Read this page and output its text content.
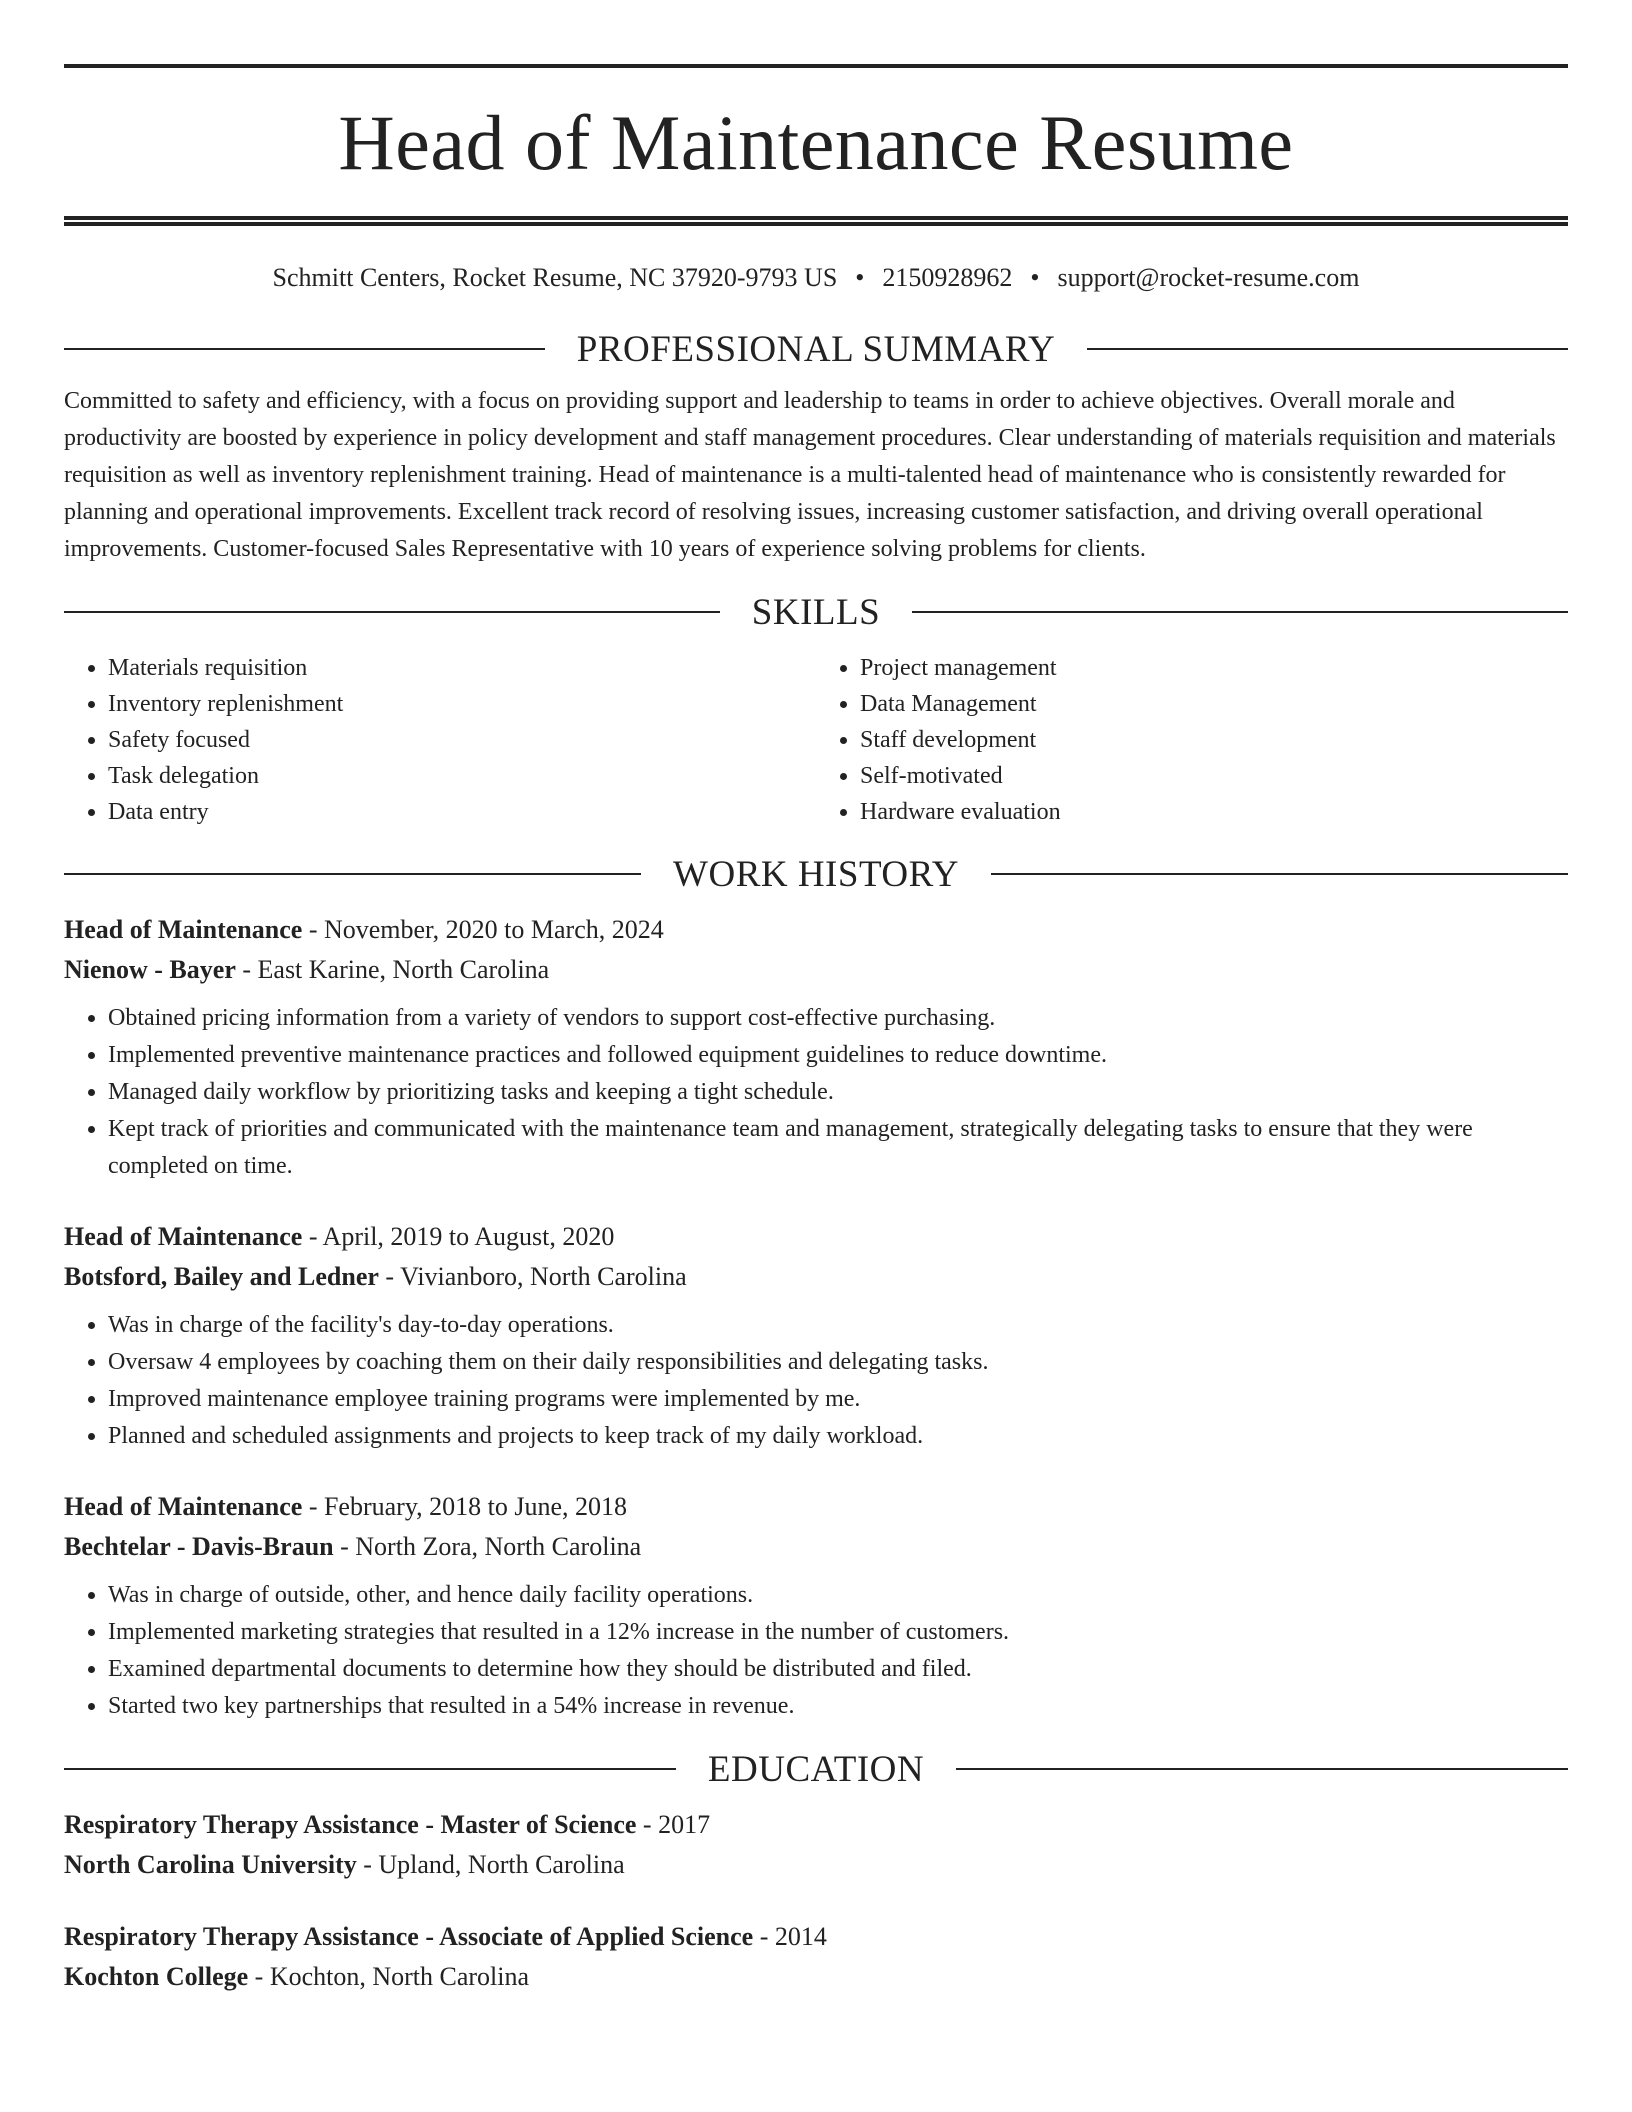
Head of Maintenance Resume
Schmitt Centers, Rocket Resume, NC 37920-9793 US • 2150928962 • support@rocket-resume.com
PROFESSIONAL SUMMARY
Committed to safety and efficiency, with a focus on providing support and leadership to teams in order to achieve objectives. Overall morale and productivity are boosted by experience in policy development and staff management procedures. Clear understanding of materials requisition and materials requisition as well as inventory replenishment training. Head of maintenance is a multi-talented head of maintenance who is consistently rewarded for planning and operational improvements. Excellent track record of resolving issues, increasing customer satisfaction, and driving overall operational improvements. Customer-focused Sales Representative with 10 years of experience solving problems for clients.
SKILLS
• Materials requisition
• Inventory replenishment
• Safety focused
• Task delegation
• Data entry
• Project management
• Data Management
• Staff development
• Self-motivated
• Hardware evaluation
WORK HISTORY
Head of Maintenance - November, 2020 to March, 2024
Nienow - Bayer - East Karine, North Carolina
• Obtained pricing information from a variety of vendors to support cost-effective purchasing.
• Implemented preventive maintenance practices and followed equipment guidelines to reduce downtime.
• Managed daily workflow by prioritizing tasks and keeping a tight schedule.
• Kept track of priorities and communicated with the maintenance team and management, strategically delegating tasks to ensure that they were completed on time.
Head of Maintenance - April, 2019 to August, 2020
Botsford, Bailey and Ledner - Vivianboro, North Carolina
• Was in charge of the facility's day-to-day operations.
• Oversaw 4 employees by coaching them on their daily responsibilities and delegating tasks.
• Improved maintenance employee training programs were implemented by me.
• Planned and scheduled assignments and projects to keep track of my daily workload.
Head of Maintenance - February, 2018 to June, 2018
Bechtelar - Davis-Braun - North Zora, North Carolina
• Was in charge of outside, other, and hence daily facility operations.
• Implemented marketing strategies that resulted in a 12% increase in the number of customers.
• Examined departmental documents to determine how they should be distributed and filed.
• Started two key partnerships that resulted in a 54% increase in revenue.
EDUCATION
Respiratory Therapy Assistance - Master of Science - 2017
North Carolina University - Upland, North Carolina
Respiratory Therapy Assistance - Associate of Applied Science - 2014
Kochton College - Kochton, North Carolina
